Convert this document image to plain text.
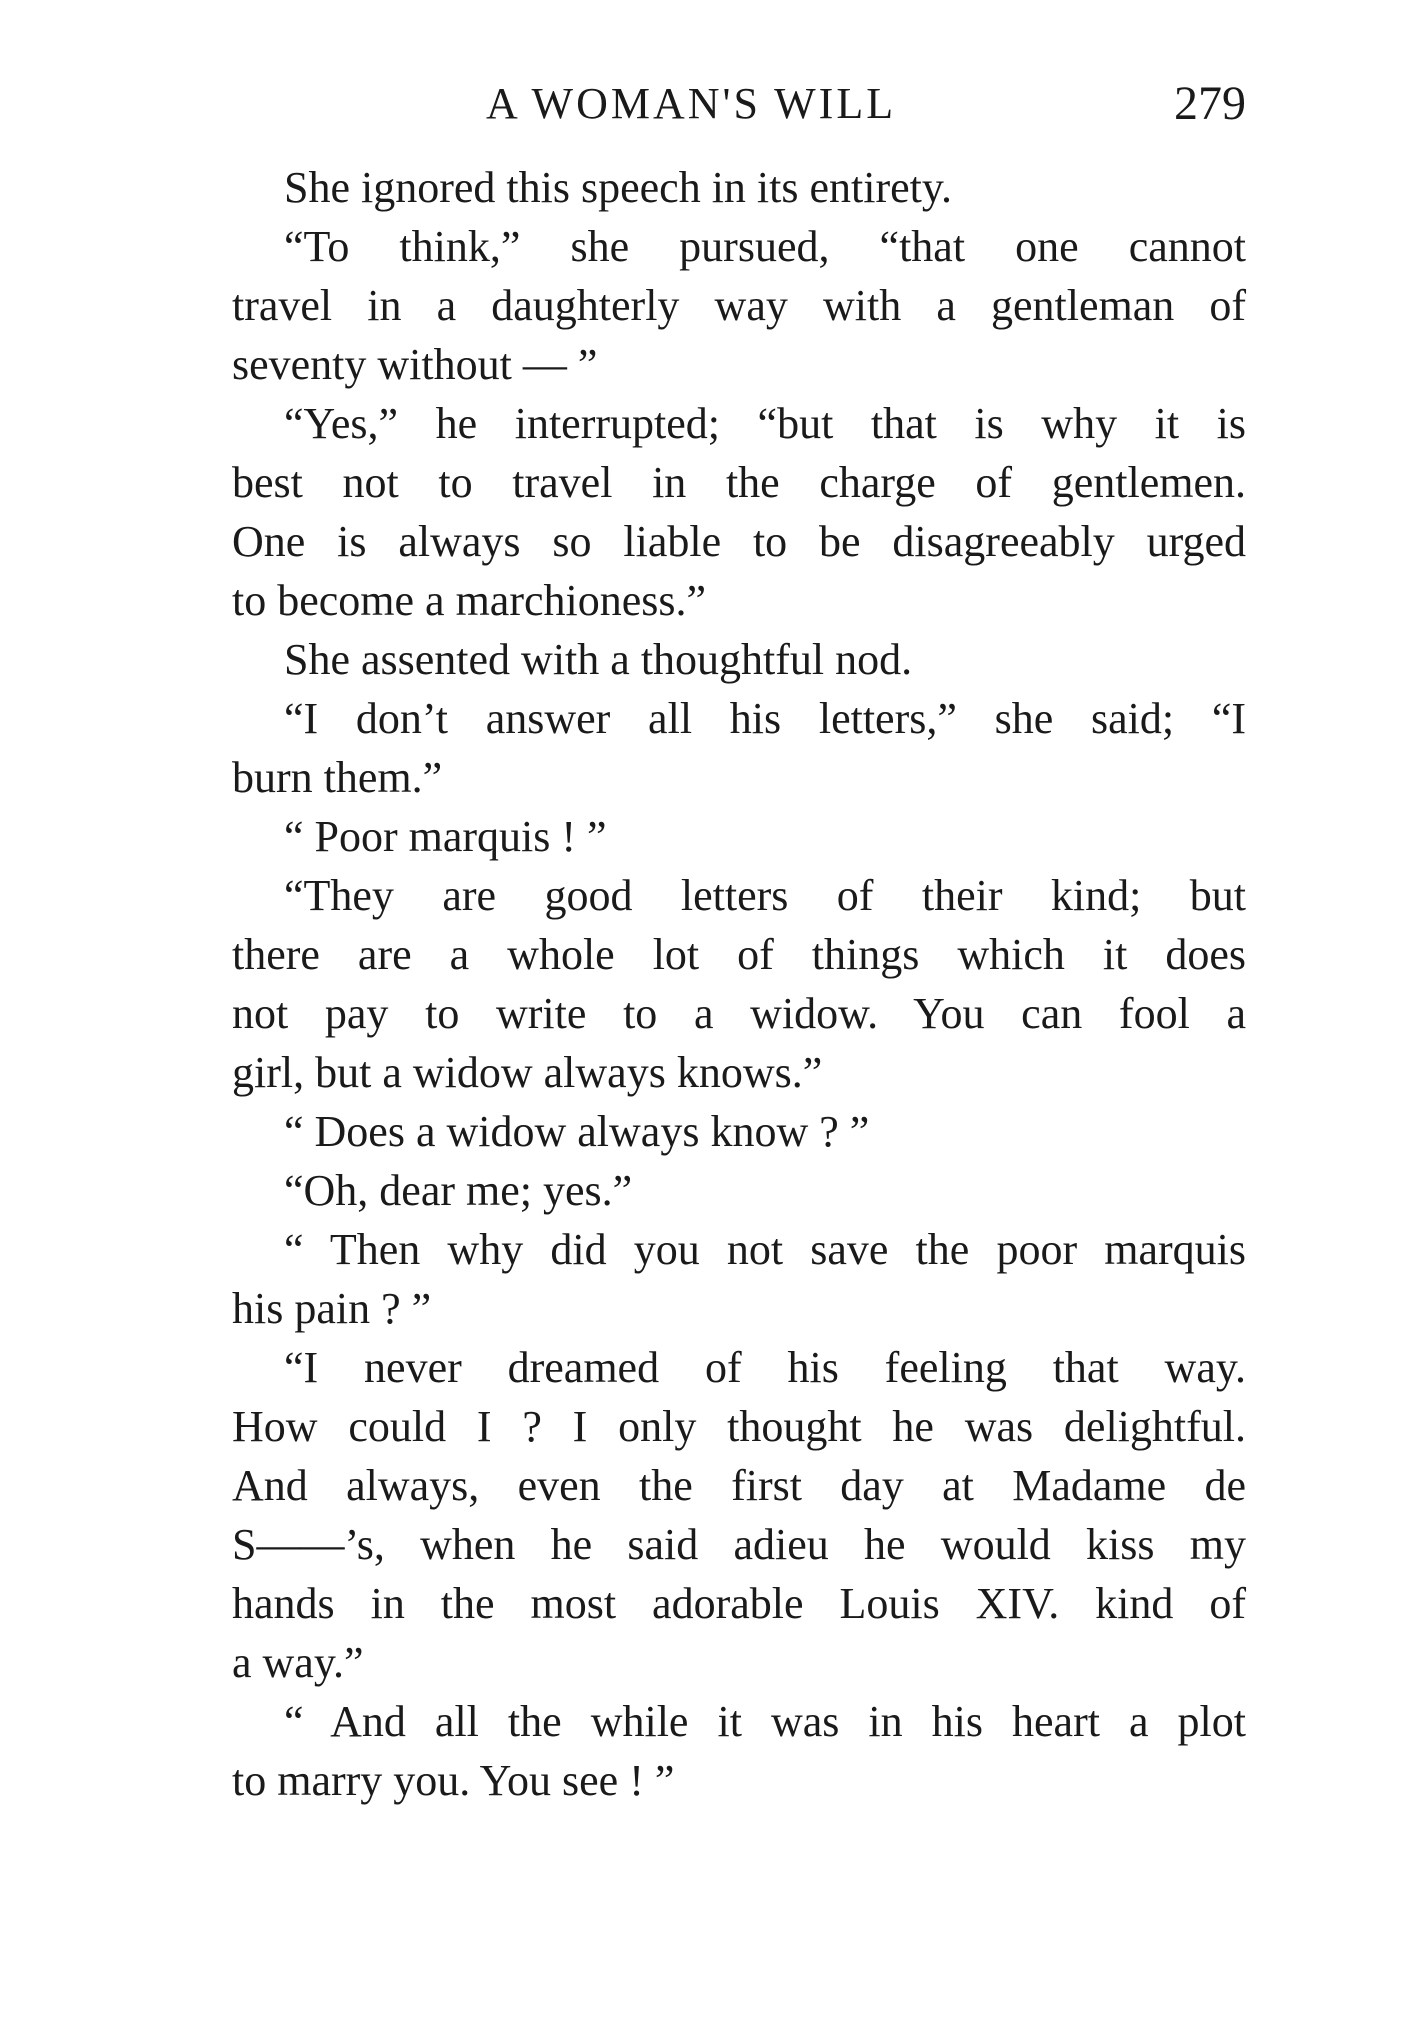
A WOMAN'S WILL	279
She ignored this speech in its entirety.
“To think,” she pursued, “that one cannot
travel in a daughterly way with a gentleman of
seventy without — ”
“Yes,” he interrupted; “but that is why it is
best not to travel in the charge of gentlemen.
One is always so liable to be disagreeably urged
to become a marchioness.”
She assented with a thoughtful nod.
“I don’t answer all his letters,” she said; “I
burn them.”
“ Poor marquis ! ”
“They are good letters of their kind; but
there are a whole lot of things which it does
not pay to write to a widow. You can fool a
girl, but a widow always knows.”
“ Does a widow always know ? ”
“Oh, dear me; yes.”
“ Then why did you not save the poor marquis
his pain ? ”
“I never dreamed of his feeling that way.
How could I ? I only thought he was delightful.
And always, even the first day at Madame de
S——’s, when he said adieu he would kiss my
hands in the most adorable Louis XIV. kind of
a way.”
“ And all the while it was in his heart a plot
to marry you. You see ! ”
